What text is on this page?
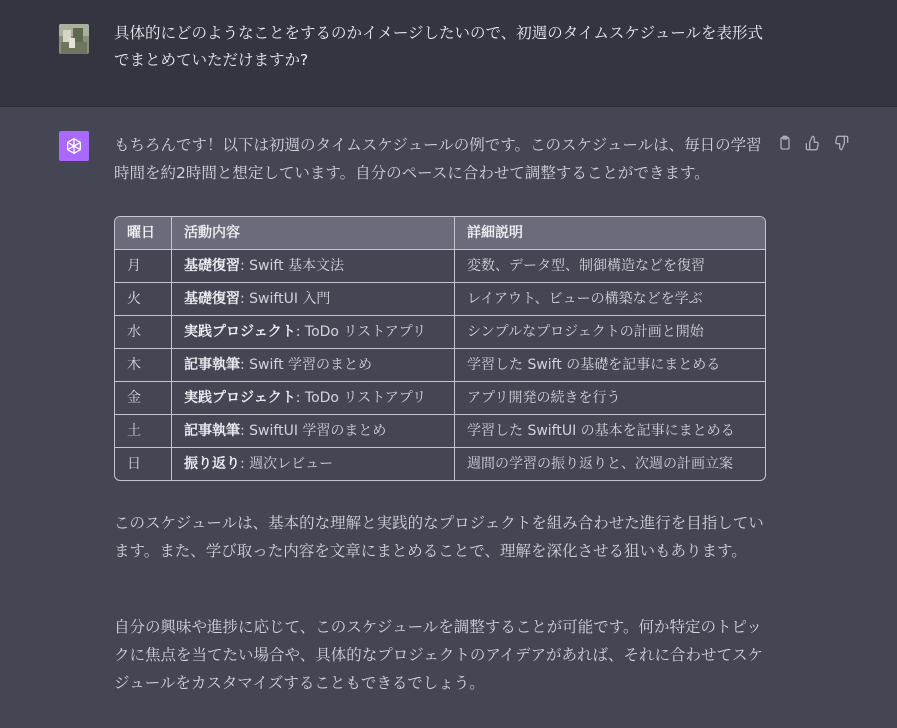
具体的にどのようなことをするのかイメージしたいので、初週のタイムスケジュールを表形式でまとめていただけますか?

もちろんです！以下は初週のタイムスケジュールの例です。このスケジュールは、毎日の学習時間を約2時間と想定しています。自分のペースに合わせて調整することができます。

曜日	活動内容	詳細説明
月	基礎復習: Swift 基本文法	変数、データ型、制御構造などを復習
火	基礎復習: SwiftUI 入門	レイアウト、ビューの構築などを学ぶ
水	実践プロジェクト: ToDo リストアプリ	シンプルなプロジェクトの計画と開始
木	記事執筆: Swift 学習のまとめ	学習した Swift の基礎を記事にまとめる
金	実践プロジェクト: ToDo リストアプリ	アプリ開発の続きを行う
土	記事執筆: SwiftUI 学習のまとめ	学習した SwiftUI の基本を記事にまとめる
日	振り返り: 週次レビュー	週間の学習の振り返りと、次週の計画立案

このスケジュールは、基本的な理解と実践的なプロジェクトを組み合わせた進行を目指しています。また、学び取った内容を文章にまとめることで、理解を深化させる狙いもあります。

自分の興味や進捗に応じて、このスケジュールを調整することが可能です。何か特定のトピックに焦点を当てたい場合や、具体的なプロジェクトのアイデアがあれば、それに合わせてスケジュールをカスタマイズすることもできるでしょう。
